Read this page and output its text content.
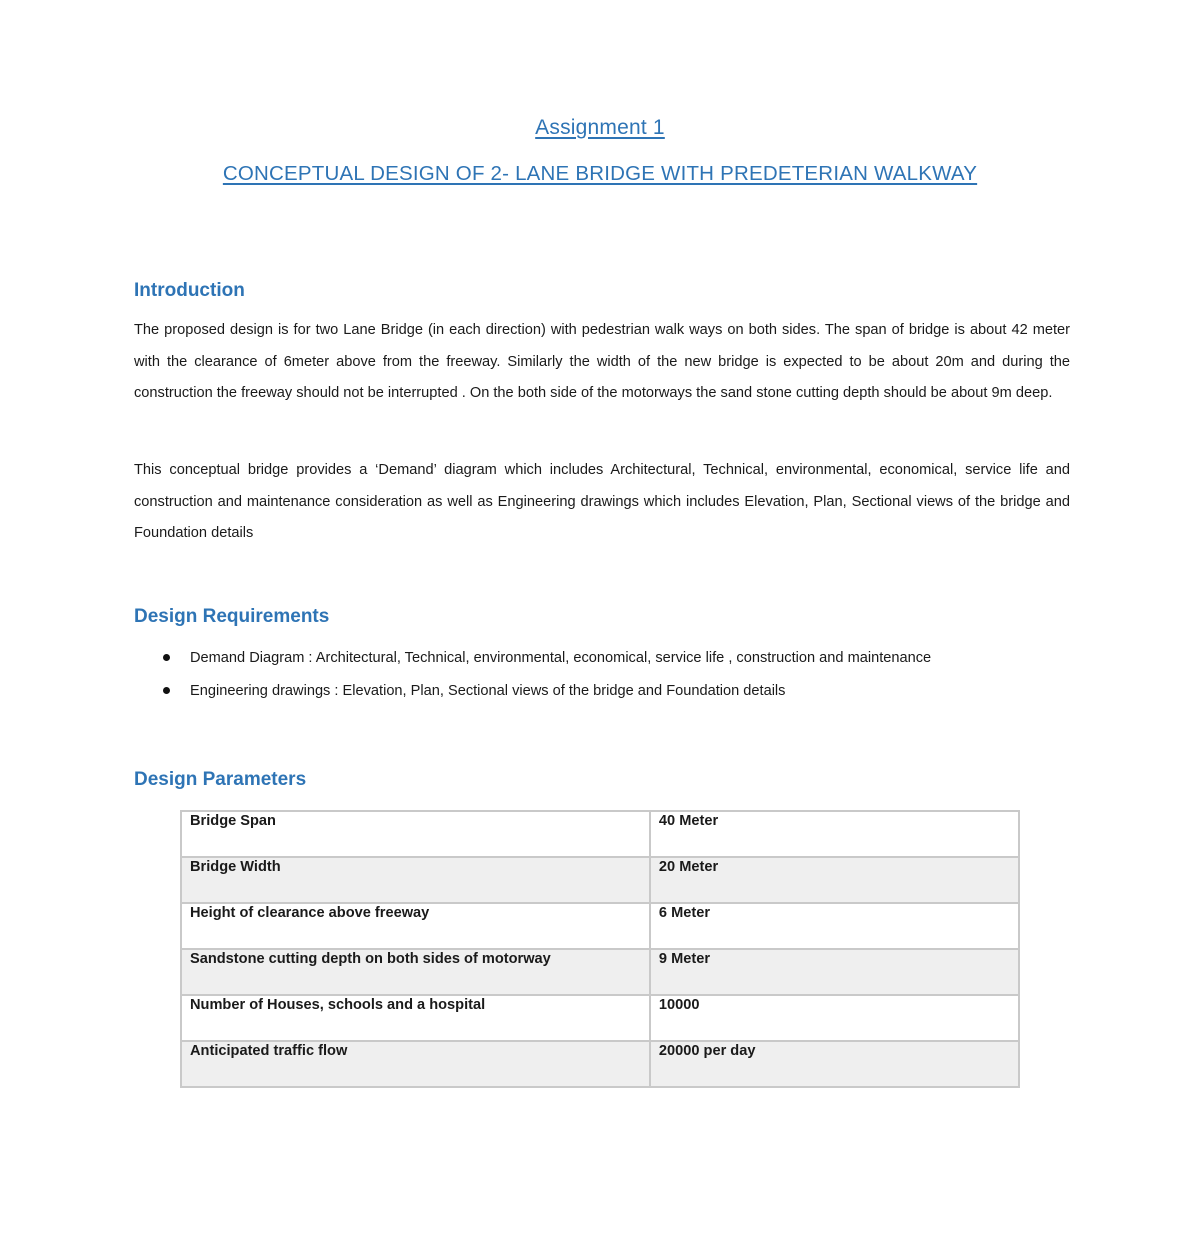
Assignment 1
CONCEPTUAL DESIGN OF 2- LANE BRIDGE WITH PREDETERIAN WALKWAY
Introduction
The proposed design is for two Lane Bridge (in each direction) with pedestrian walk ways on both sides. The span of bridge is about 42 meter with the clearance of 6meter above from the freeway. Similarly the width of the new bridge is expected to be about 20m and during the construction the freeway should not be interrupted . On the both side of the motorways the sand stone cutting depth should be about 9m deep.
This conceptual bridge provides a ‘Demand’ diagram which includes Architectural, Technical, environmental, economical, service life and construction and maintenance consideration as well as Engineering drawings which includes Elevation, Plan, Sectional views of the bridge and Foundation details
Design Requirements
Demand Diagram : Architectural, Technical, environmental, economical, service life , construction and maintenance
Engineering drawings : Elevation, Plan, Sectional views of the bridge and Foundation details
Design Parameters
Bridge Span	40 Meter
Bridge Width	20 Meter
Height of clearance above freeway	6 Meter
Sandstone cutting depth on both sides of motorway	9 Meter
Number of Houses, schools and a hospital	10000
Anticipated traffic flow	20000 per day
